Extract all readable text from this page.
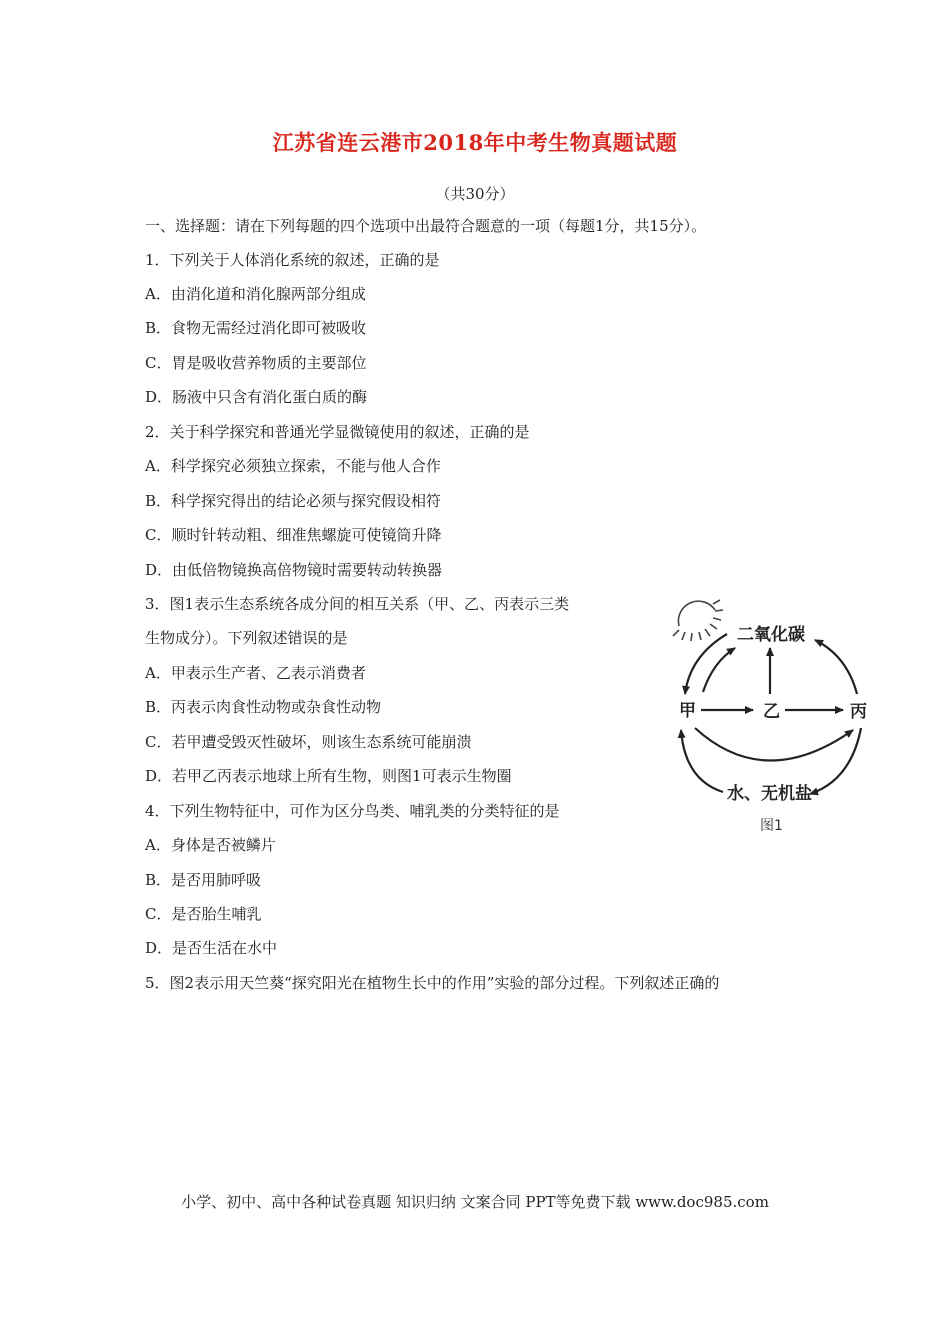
江苏省连云港市2018年中考生物真题试题
（共30分）
一、选择题：请在下列每题的四个选项中出最符合题意的一项（每题1分，共15分）。
1．下列关于人体消化系统的叙述，正确的是
A．由消化道和消化腺两部分组成
B．食物无需经过消化即可被吸收
C．胃是吸收营养物质的主要部位
D．肠液中只含有消化蛋白质的酶
2．关于科学探究和普通光学显微镜使用的叙述，正确的是
A．科学探究必须独立探索，不能与他人合作
B．科学探究得出的结论必须与探究假设相符
C．顺时针转动粗、细准焦螺旋可使镜筒升降
D．由低倍物镜换高倍物镜时需要转动转换器
3．图1表示生态系统各成分间的相互关系（甲、乙、丙表示三类
生物成分）。下列叙述错误的是
A．甲表示生产者、乙表示消费者
B．丙表示肉食性动物或杂食性动物
C．若甲遭受毁灭性破坏，则该生态系统可能崩溃
D．若甲乙丙表示地球上所有生物，则图1可表示生物圈
4．下列生物特征中，可作为区分鸟类、哺乳类的分类特征的是
A．身体是否被鳞片
B．是否用肺呼吸
C．是否胎生哺乳
D．是否生活在水中
5．图2表示用天竺葵“探究阳光在植物生长中的作用”实验的部分过程。下列叙述正确的
二氧化碳
甲	乙	丙
水、无机盐
图1
小学、初中、高中各种试卷真题 知识归纳 文案合同 PPT等免费下载 www.doc985.com
